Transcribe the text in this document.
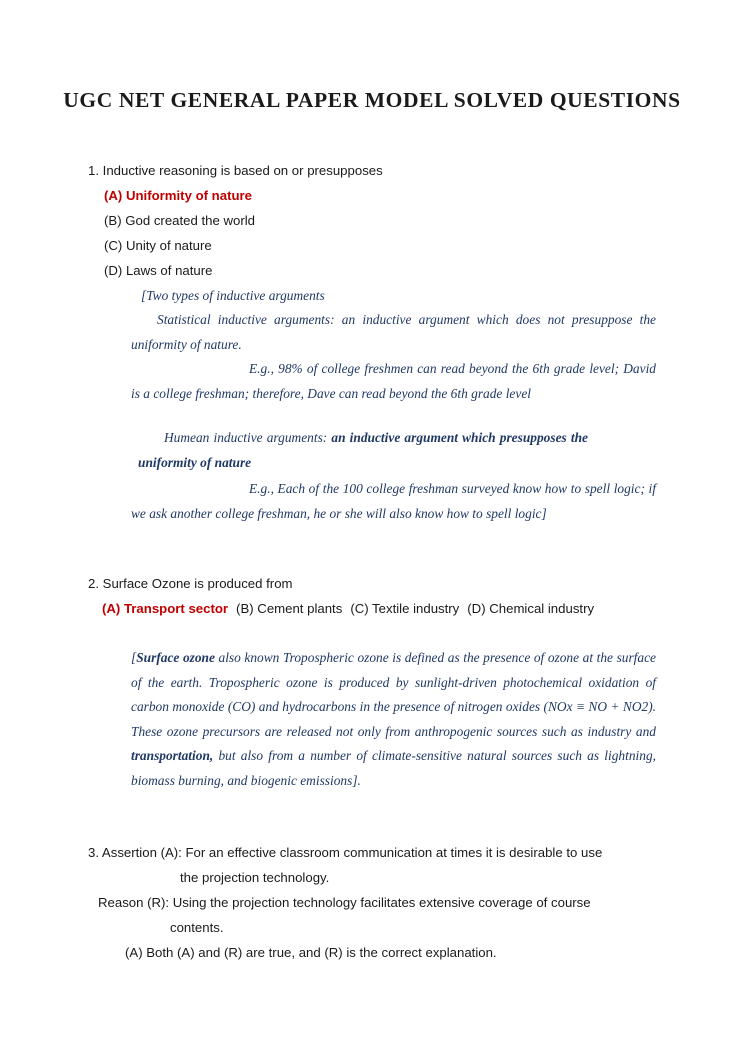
UGC NET GENERAL PAPER MODEL SOLVED QUESTIONS
1. Inductive reasoning is based on or presupposes
(A) Uniformity of nature
(B) God created the world
(C) Unity of nature
(D) Laws of nature
[Two types of inductive arguments
Statistical inductive arguments: an inductive argument which does not presuppose the uniformity of nature.
E.g., 98% of college freshmen can read beyond the 6th grade level; David is a college freshman; therefore, Dave can read beyond the 6th grade level
Humean inductive arguments: an inductive argument which presupposes the uniformity of nature
E.g., Each of the 100 college freshman surveyed know how to spell logic; if we ask another college freshman, he or she will also know how to spell logic]
2. Surface Ozone is produced from
(A) Transport sector (B) Cement plants (C) Textile industry (D) Chemical industry
[Surface ozone also known Tropospheric ozone is defined as the presence of ozone at the surface of the earth. Tropospheric ozone is produced by sunlight-driven photochemical oxidation of carbon monoxide (CO) and hydrocarbons in the presence of nitrogen oxides (NOx ≡ NO + NO2). These ozone precursors are released not only from anthropogenic sources such as industry and transportation, but also from a number of climate-sensitive natural sources such as lightning, biomass burning, and biogenic emissions].
3. Assertion (A): For an effective classroom communication at times it is desirable to use
the projection technology.
Reason (R): Using the projection technology facilitates extensive coverage of course
contents.
(A) Both (A) and (R) are true, and (R) is the correct explanation.
